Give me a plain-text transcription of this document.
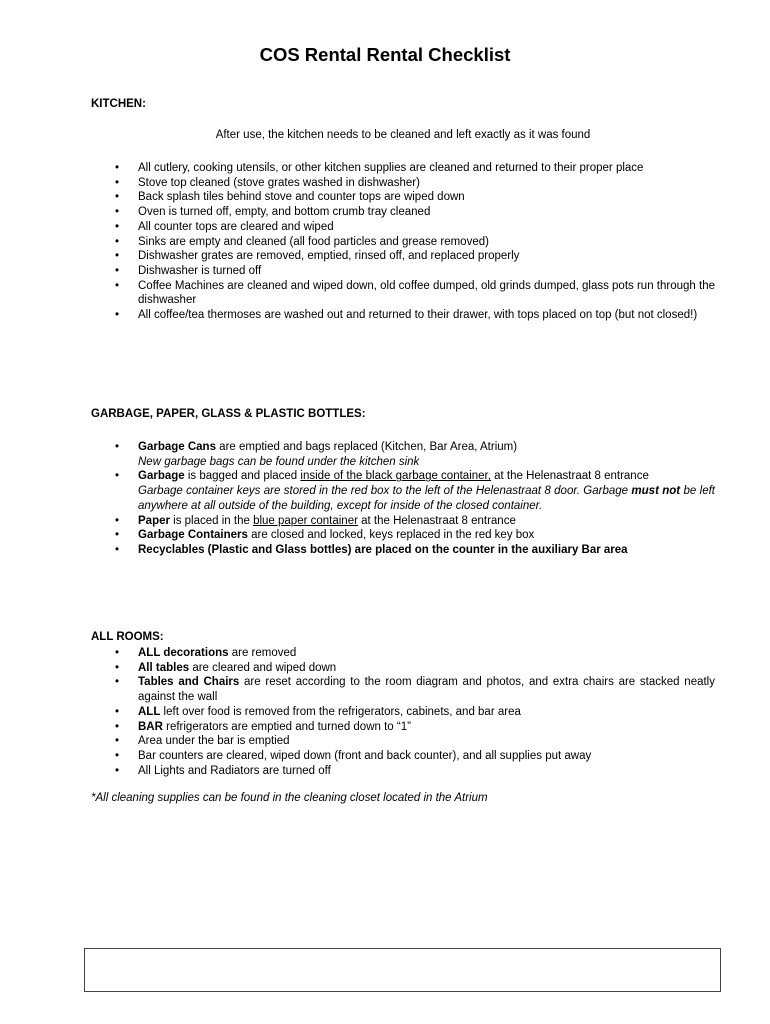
COS Rental Rental Checklist

KITCHEN:

After use, the kitchen needs to be cleaned and left exactly as it was found

• All cutlery, cooking utensils, or other kitchen supplies are cleaned and returned to their proper place
• Stove top cleaned (stove grates washed in dishwasher)
• Back splash tiles behind stove and counter tops are wiped down
• Oven is turned off, empty, and bottom crumb tray cleaned
• All counter tops are cleared and wiped
• Sinks are empty and cleaned (all food particles and grease removed)
• Dishwasher grates are removed, emptied, rinsed off, and replaced properly
• Dishwasher is turned off
• Coffee Machines are cleaned and wiped down, old coffee dumped, old grinds dumped, glass pots run through the dishwasher
• All coffee/tea thermoses are washed out and returned to their drawer, with tops placed on top (but not closed!)

GARBAGE, PAPER, GLASS & PLASTIC BOTTLES:

• Garbage Cans are emptied and bags replaced (Kitchen, Bar Area, Atrium)
New garbage bags can be found under the kitchen sink
• Garbage is bagged and placed inside of the black garbage container, at the Helenastraat 8 entrance
Garbage container keys are stored in the red box to the left of the Helenastraat 8 door. Garbage must not be left anywhere at all outside of the building, except for inside of the closed container.
• Paper is placed in the blue paper container at the Helenastraat 8 entrance
• Garbage Containers are closed and locked, keys replaced in the red key box
• Recyclables (Plastic and Glass bottles) are placed on the counter in the auxiliary Bar area

ALL ROOMS:

• ALL decorations are removed
• All tables are cleared and wiped down
• Tables and Chairs are reset according to the room diagram and photos, and extra chairs are stacked neatly against the wall
• ALL left over food is removed from the refrigerators, cabinets, and bar area
• BAR refrigerators are emptied and turned down to “1”
• Area under the bar is emptied
• Bar counters are cleared, wiped down (front and back counter), and all supplies put away
• All Lights and Radiators are turned off

*All cleaning supplies can be found in the cleaning closet located in the Atrium
